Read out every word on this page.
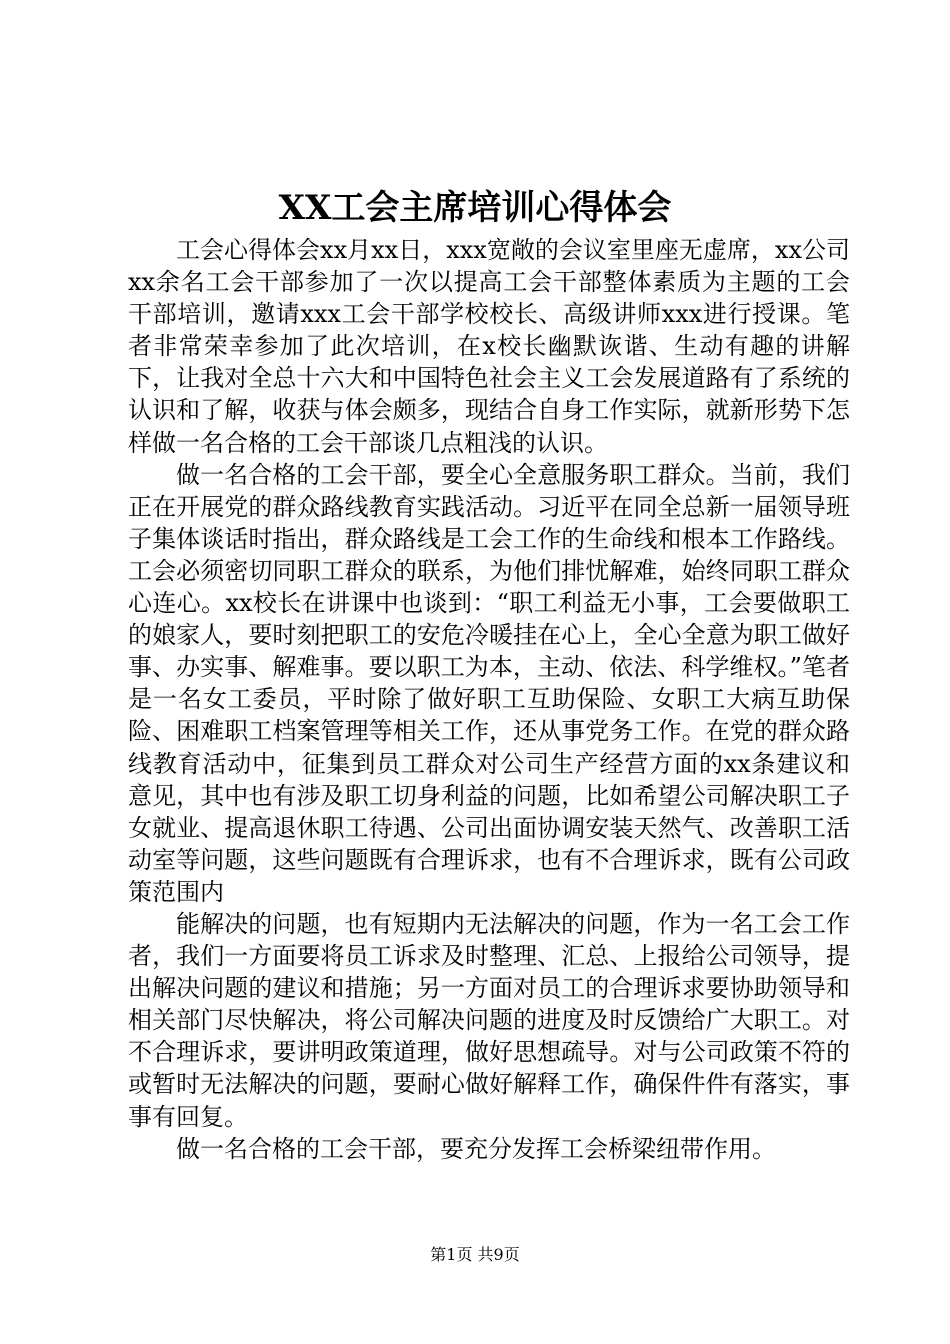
XX工会主席培训心得体会

工会心得体会xx月xx日，xxx宽敞的会议室里座无虚席，xx公司xx余名工会干部参加了一次以提高工会干部整体素质为主题的工会干部培训，邀请xxx工会干部学校校长、高级讲师xxx进行授课。笔者非常荣幸参加了此次培训，在x校长幽默诙谐、生动有趣的讲解下，让我对全总十六大和中国特色社会主义工会发展道路有了系统的认识和了解，收获与体会颇多，现结合自身工作实际，就新形势下怎样做一名合格的工会干部谈几点粗浅的认识。

做一名合格的工会干部，要全心全意服务职工群众。当前，我们正在开展党的群众路线教育实践活动。习近平在同全总新一届领导班子集体谈话时指出，群众路线是工会工作的生命线和根本工作路线。工会必须密切同职工群众的联系，为他们排忧解难，始终同职工群众心连心。xx校长在讲课中也谈到：“职工利益无小事，工会要做职工的娘家人，要时刻把职工的安危冷暖挂在心上，全心全意为职工做好事、办实事、解难事。要以职工为本，主动、依法、科学维权。”笔者是一名女工委员，平时除了做好职工互助保险、女职工大病互助保险、困难职工档案管理等相关工作，还从事党务工作。在党的群众路线教育活动中，征集到员工群众对公司生产经营方面的xx条建议和意见，其中也有涉及职工切身利益的问题，比如希望公司解决职工子女就业、提高退休职工待遇、公司出面协调安装天然气、改善职工活动室等问题，这些问题既有合理诉求，也有不合理诉求，既有公司政策范围内

能解决的问题，也有短期内无法解决的问题，作为一名工会工作者，我们一方面要将员工诉求及时整理、汇总、上报给公司领导，提出解决问题的建议和措施；另一方面对员工的合理诉求要协助领导和相关部门尽快解决，将公司解决问题的进度及时反馈给广大职工。对不合理诉求，要讲明政策道理，做好思想疏导。对与公司政策不符的或暂时无法解决的问题，要耐心做好解释工作，确保件件有落实，事事有回复。

做一名合格的工会干部，要充分发挥工会桥梁纽带作用。

第1页 共9页
